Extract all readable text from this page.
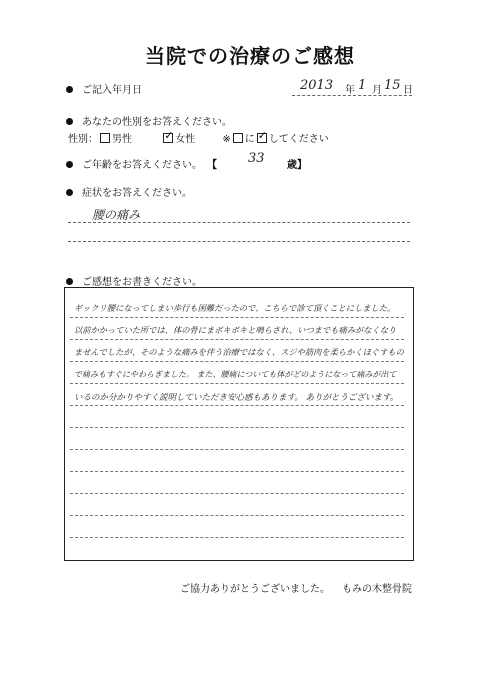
当院での治療のご感想
ご記入年月日	2013 年 1 月 15 日
あなたの性別をお答えください。
性別： 男性	✓ 女性	※ に ✓ してください
ご年齢をお答えください。 【 33 歳】
症状をお答えください。
腰の痛み
ご感想をお書きください。
ギックリ腰になってしまい歩行も困難だったので、こちらで診て頂くことにしました。
以前かかっていた所では、体の骨にまボキボキと鳴らされ、いつまでも痛みがなくなり
ませんでしたが、そのような痛みを伴う治療ではなく、スジや筋肉を柔らかくほぐすもの
で痛みもすぐにやわらぎました。 また、腰痛についても体がどのようになって痛みが出て
いるのか分かりやすく説明していただき安心感もあります。 ありがとうございます。
ご協力ありがとうございました。 もみの木整骨院
